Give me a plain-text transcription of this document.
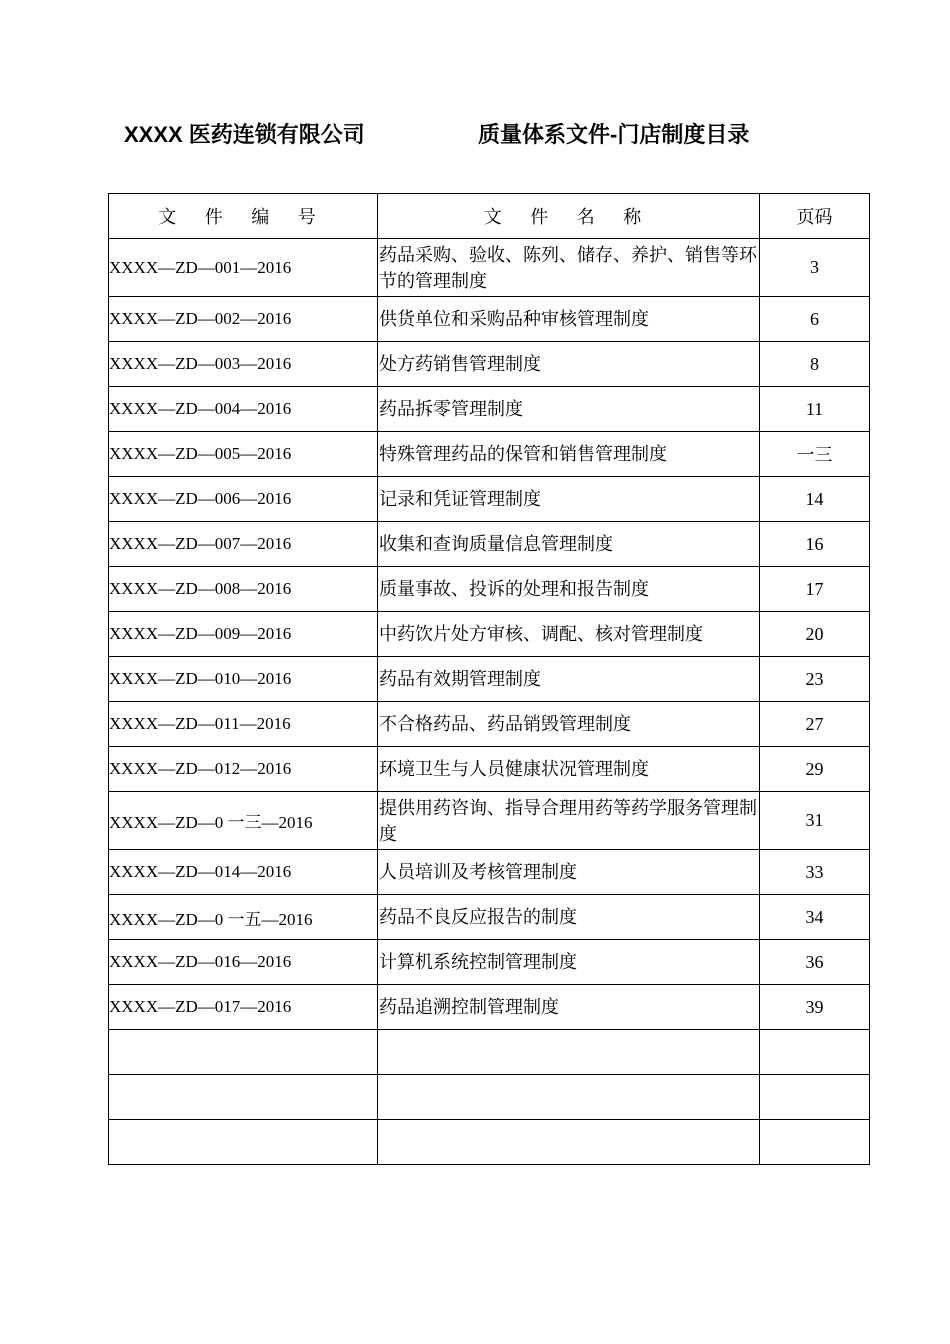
XXXX 医药连锁有限公司	质量体系文件-门店制度目录
文 件 编 号	文 件 名 称	页码
XXXX—ZD—001—2016	药品采购、验收、陈列、储存、养护、销售等环节的管理制度	3
XXXX—ZD—002—2016	供货单位和采购品种审核管理制度	6
XXXX—ZD—003—2016	处方药销售管理制度	8
XXXX—ZD—004—2016	药品拆零管理制度	11
XXXX—ZD—005—2016	特殊管理药品的保管和销售管理制度	一三
XXXX—ZD—006—2016	记录和凭证管理制度	14
XXXX—ZD—007—2016	收集和查询质量信息管理制度	16
XXXX—ZD—008—2016	质量事故、投诉的处理和报告制度	17
XXXX—ZD—009—2016	中药饮片处方审核、调配、核对管理制度	20
XXXX—ZD—010—2016	药品有效期管理制度	23
XXXX—ZD—011—2016	不合格药品、药品销毁管理制度	27
XXXX—ZD—012—2016	环境卫生与人员健康状况管理制度	29
XXXX—ZD—0 一三—2016	提供用药咨询、指导合理用药等药学服务管理制度	31
XXXX—ZD—014—2016	人员培训及考核管理制度	33
XXXX—ZD—0 一五—2016	药品不良反应报告的制度	34
XXXX—ZD—016—2016	计算机系统控制管理制度	36
XXXX—ZD—017—2016	药品追溯控制管理制度	39
